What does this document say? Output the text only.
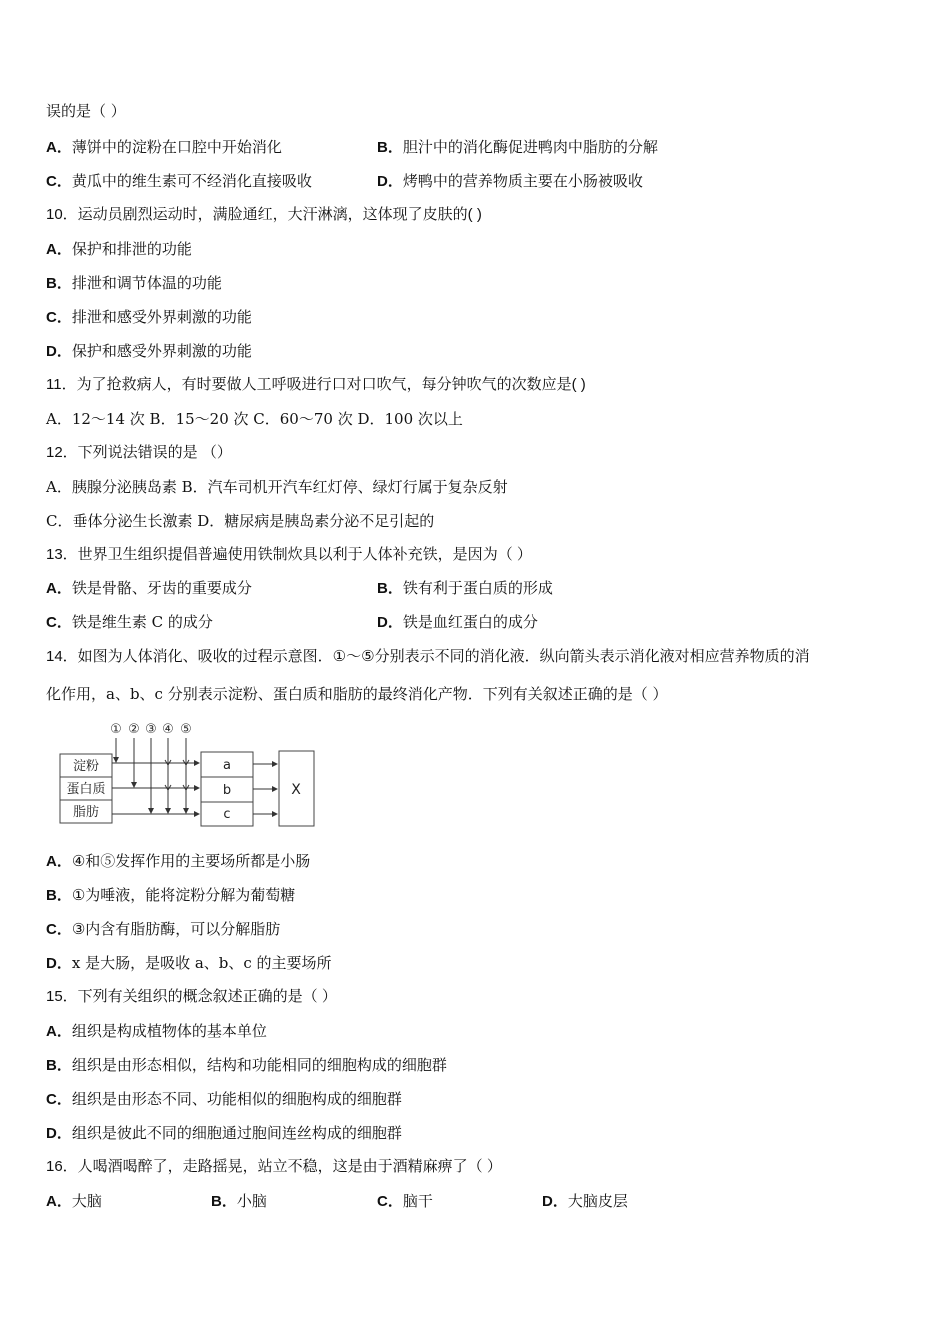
误的是（ ）
A．薄饼中的淀粉在口腔中开始消化	B．胆汁中的消化酶促进鸭肉中脂肪的分解
C．黄瓜中的维生素可不经消化直接吸收	D．烤鸭中的营养物质主要在小肠被吸收
10．运动员剧烈运动时，满脸通红，大汗淋漓，这体现了皮肤的( )
A．保护和排泄的功能
B．排泄和调节体温的功能
C．排泄和感受外界刺激的功能
D．保护和感受外界刺激的功能
11．为了抢救病人，有时要做人工呼吸进行口对口吹气，每分钟吹气的次数应是( )
A．12～14 次 B．15～20 次 C．60～70 次 D．100 次以上
12．下列说法错误的是 （）
A．胰腺分泌胰岛素 B．汽车司机开汽车红灯停、绿灯行属于复杂反射
C．垂体分泌生长激素 D．糖尿病是胰岛素分泌不足引起的
13．世界卫生组织提倡普遍使用铁制炊具以利于人体补充铁，是因为（ ）
A．铁是骨骼、牙齿的重要成分	B．铁有利于蛋白质的形成
C．铁是维生素 C 的成分	D．铁是血红蛋白的成分
14．如图为人体消化、吸收的过程示意图．①～⑤分别表示不同的消化液．纵向箭头表示消化液对相应营养物质的消
化作用，a、b、c 分别表示淀粉、蛋白质和脂肪的最终消化产物．下列有关叙述正确的是（ ）
① ② ③ ④ ⑤
淀粉
蛋白质
脂肪
a
b
c
X
A．④和⑤发挥作用的主要场所都是小肠
B．①为唾液，能将淀粉分解为葡萄糖
C．③内含有脂肪酶，可以分解脂肪
D．x 是大肠，是吸收 a、b、c 的主要场所
15．下列有关组织的概念叙述正确的是（ ）
A．组织是构成植物体的基本单位
B．组织是由形态相似，结构和功能相同的细胞构成的细胞群
C．组织是由形态不同、功能相似的细胞构成的细胞群
D．组织是彼此不同的细胞通过胞间连丝构成的细胞群
16．人喝酒喝醉了，走路摇晃，站立不稳，这是由于酒精麻痹了（ ）
A．大脑	B．小脑	C．脑干	D．大脑皮层
